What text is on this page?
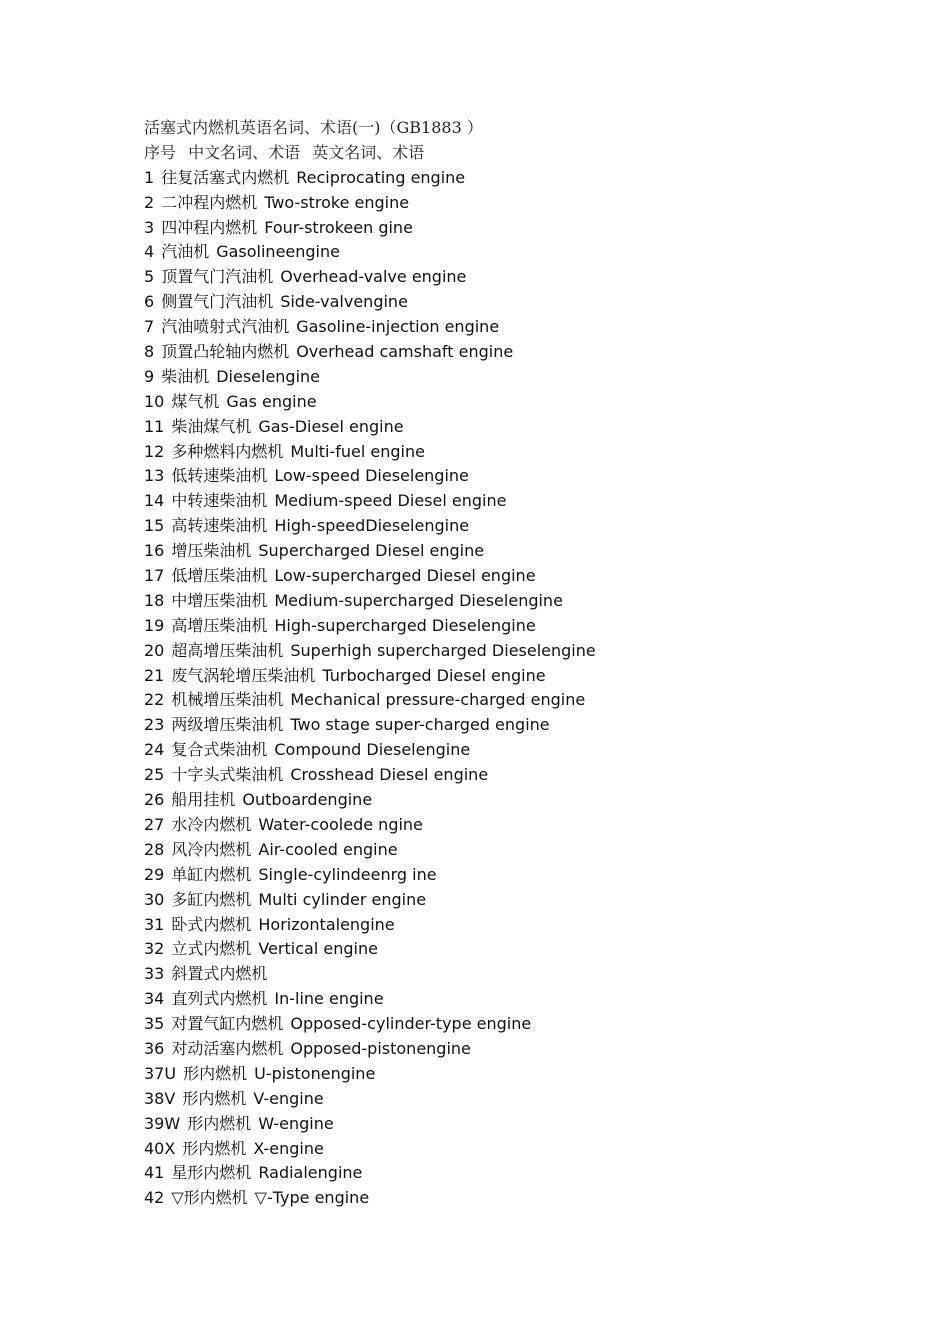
活塞式内燃机英语名词、术语(一)（GB1883 ）
序号 中文名词、术语 英文名词、术语
1 往复活塞式内燃机 Reciprocating engine
2 二冲程内燃机 Two-stroke engine
3 四冲程内燃机 Four-strokeen gine
4 汽油机 Gasolineengine
5 顶置气门汽油机 Overhead-valve engine
6 侧置气门汽油机 Side-valvengine
7 汽油喷射式汽油机 Gasoline-injection engine
8 顶置凸轮轴内燃机 Overhead camshaft engine
9 柴油机 Dieselengine
10 煤气机 Gas engine
11 柴油煤气机 Gas-Diesel engine
12 多种燃料内燃机 Multi-fuel engine
13 低转速柴油机 Low-speed Dieselengine
14 中转速柴油机 Medium-speed Diesel engine
15 高转速柴油机 High-speedDieselengine
16 增压柴油机 Supercharged Diesel engine
17 低增压柴油机 Low-supercharged Diesel engine
18 中增压柴油机 Medium-supercharged Dieselengine
19 高增压柴油机 High-supercharged Dieselengine
20 超高增压柴油机 Superhigh supercharged Dieselengine
21 废气涡轮增压柴油机 Turbocharged Diesel engine
22 机械增压柴油机 Mechanical pressure-charged engine
23 两级增压柴油机 Two stage super-charged engine
24 复合式柴油机 Compound Dieselengine
25 十字头式柴油机 Crosshead Diesel engine
26 船用挂机 Outboardengine
27 水冷内燃机 Water-coolede ngine
28 风冷内燃机 Air-cooled engine
29 单缸内燃机 Single-cylindeenrg ine
30 多缸内燃机 Multi cylinder engine
31 卧式内燃机 Horizontalengine
32 立式内燃机 Vertical engine
33 斜置式内燃机
34 直列式内燃机 In-line engine
35 对置气缸内燃机 Opposed-cylinder-type engine
36 对动活塞内燃机 Opposed-pistonengine
37U 形内燃机 U-pistonengine
38V 形内燃机 V-engine
39W 形内燃机 W-engine
40X 形内燃机 X-engine
41 星形内燃机 Radialengine
42 ▽形内燃机 ▽-Type engine
